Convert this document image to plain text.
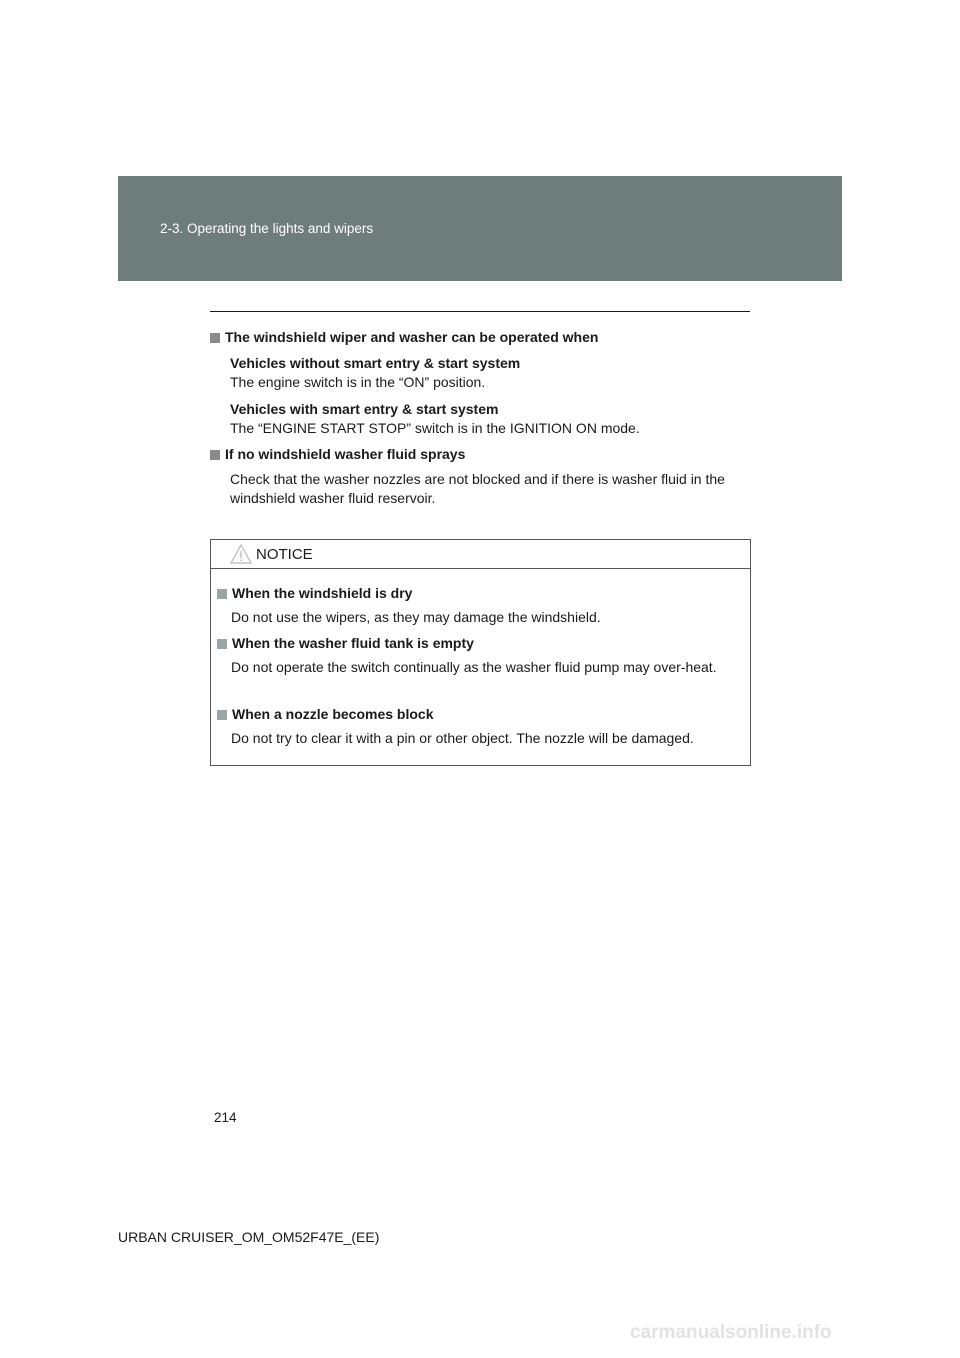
2-3. Operating the lights and wipers
The windshield wiper and washer can be operated when
Vehicles without smart entry & start system
The engine switch is in the “ON” position.
Vehicles with smart entry & start system
The “ENGINE START STOP” switch is in the IGNITION ON mode.
If no windshield washer fluid sprays
Check that the washer nozzles are not blocked and if there is washer fluid in the windshield washer fluid reservoir.
NOTICE
When the windshield is dry
Do not use the wipers, as they may damage the windshield.
When the washer fluid tank is empty
Do not operate the switch continually as the washer fluid pump may over-heat.
When a nozzle becomes block
Do not try to clear it with a pin or other object. The nozzle will be damaged.
214
URBAN CRUISER_OM_OM52F47E_(EE)
carmanualsonline.info
